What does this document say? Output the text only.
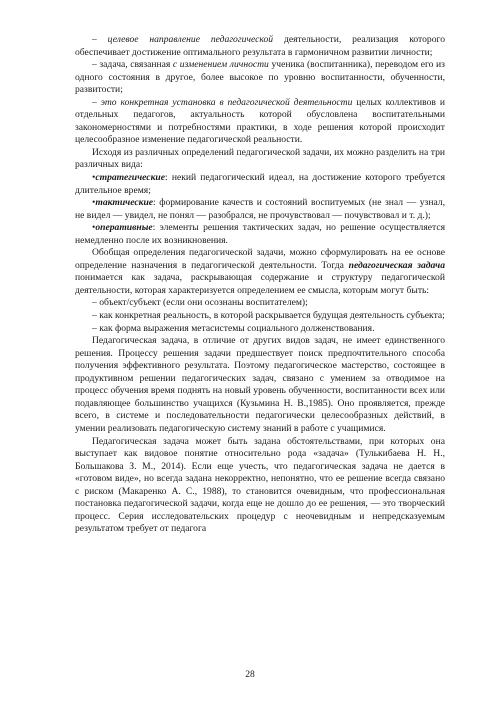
– целевое направление педагогической деятельности, реализация которого обеспечивает достижение оптимального результата в гармоничном развитии личности;

– задача, связанная с изменением личности ученика (воспитанника), переводом его из одного состояния в другое, более высокое по уровню воспитанности, обученности, развитости;

– это конкретная установка в педагогической деятельности целых коллективов и отдельных педагогов, актуальность которой обусловлена воспитательными закономерностями и потребностями практики, в ходе решения которой происходит целесообразное изменение педагогической реальности.

Исходя из различных определений педагогической задачи, их можно разделить на три различных вида:

•стратегические: некий педагогический идеал, на достижение которого требуется длительное время;

•тактические: формирование качеств и состояний воспитуемых (не знал — узнал, не видел — увидел, не понял — разобрался, не прочувствовал — почувствовал и т. д.);

•оперативные: элементы решения тактических задач, но решение осуществляется немедленно после их возникновения.

Обобщая определения педагогической задачи, можно сформулировать на ее основе определение назначения в педагогической деятельности. Тогда педагогическая задача понимается как задача, раскрывающая содержание и структуру педагогической деятельности, которая характеризуется определением ее смысла, которым могут быть:

– объект/субъект (если они осознаны воспитателем);

– как конкретная реальность, в которой раскрывается будущая деятельность субъекта;

– как форма выражения метасистемы социального долженствования.

Педагогическая задача, в отличие от других видов задач, не имеет единственного решения. Процессу решения задачи предшествует поиск предпочтительного способа получения эффективного результата. Поэтому педагогическое мастерство, состоящее в продуктивном решении педагогических задач, связано с умением за отводимое на процесс обучения время поднять на новый уровень обученности, воспитанности всех или подавляющее большинство учащихся (Кузьмина Н. В.,1985). Оно проявляется, прежде всего, в системе и последовательности педагогически целесообразных действий, в умении реализовать педагогическую систему знаний в работе с учащимися.

Педагогическая задача может быть задана обстоятельствами, при которых она выступает как видовое понятие относительно рода «задача» (Тулькибаева Н. Н., Большакова З. М., 2014). Если еще учесть, что педагогическая задача не дается в «готовом виде», но всегда задана некорректно, непонятно, что ее решение всегда связано с риском (Макаренко А. С., 1988), то становится очевидным, что профессиональная постановка педагогической задачи, когда еще не дошло до ее решения, — это творческий процесс. Серия исследовательских процедур с неочевидным и непредсказуемым результатом требует от педагога

28
